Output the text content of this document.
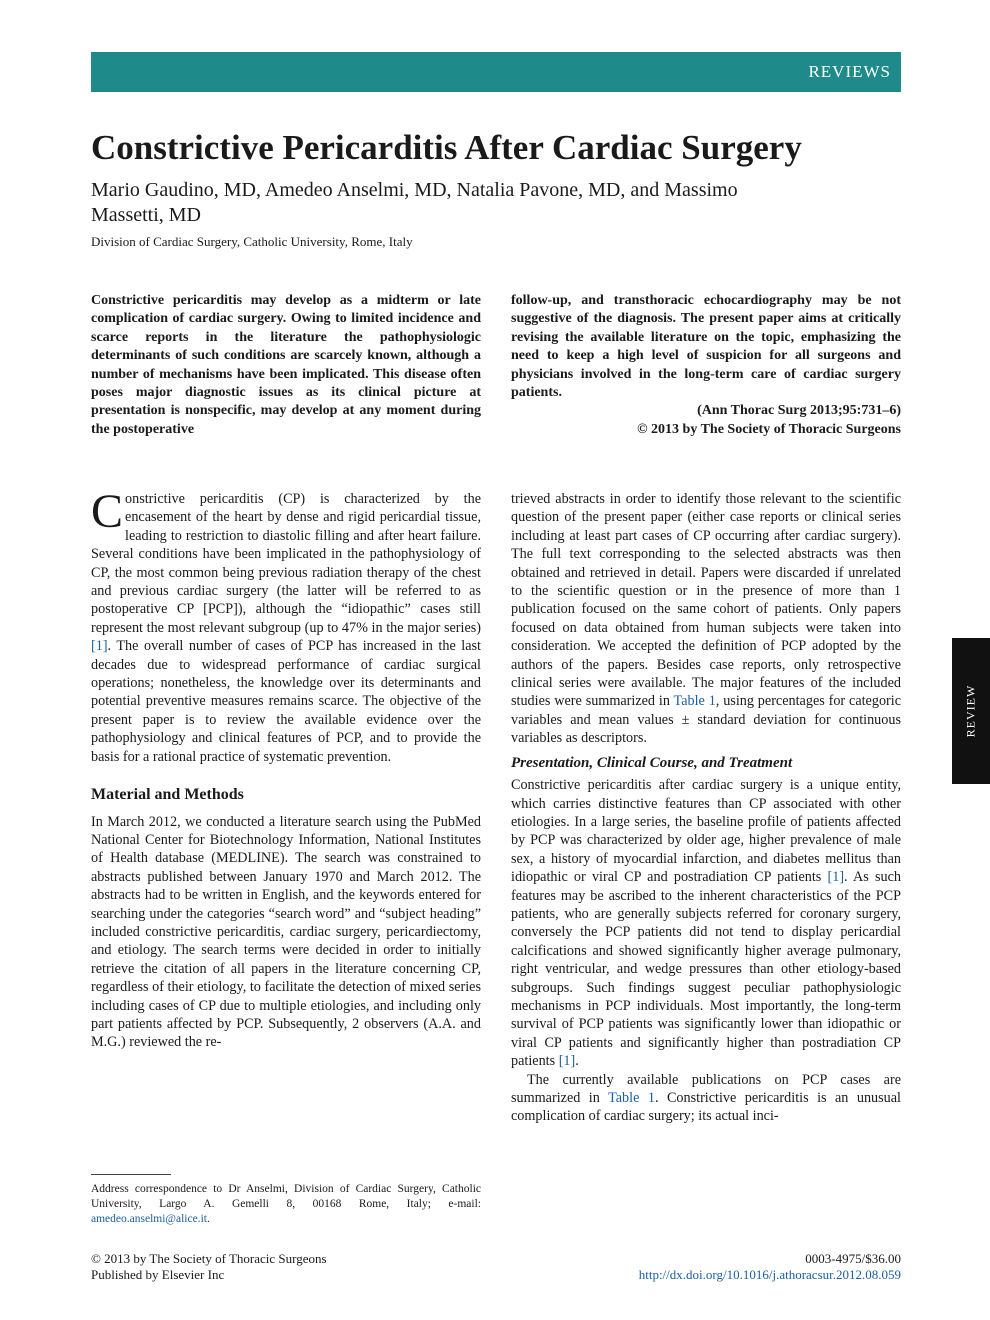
REVIEWS
Constrictive Pericarditis After Cardiac Surgery
Mario Gaudino, MD, Amedeo Anselmi, MD, Natalia Pavone, MD, and Massimo Massetti, MD
Division of Cardiac Surgery, Catholic University, Rome, Italy
Constrictive pericarditis may develop as a midterm or late complication of cardiac surgery. Owing to limited incidence and scarce reports in the literature the pathophysiologic determinants of such conditions are scarcely known, although a number of mechanisms have been implicated. This disease often poses major diagnostic issues as its clinical picture at presentation is nonspecific, may develop at any moment during the postoperative
follow-up, and transthoracic echocardiography may be not suggestive of the diagnosis. The present paper aims at critically revising the available literature on the topic, emphasizing the need to keep a high level of suspicion for all surgeons and physicians involved in the long-term care of cardiac surgery patients.
(Ann Thorac Surg 2013;95:731–6)
© 2013 by The Society of Thoracic Surgeons

Constrictive pericarditis (CP) is characterized by the encasement of the heart by dense and rigid pericardial tissue, leading to restriction to diastolic filling and after heart failure. Several conditions have been implicated in the pathophysiology of CP, the most common being previous radiation therapy of the chest and previous cardiac surgery (the latter will be referred to as postoperative CP [PCP]), although the “idiopathic” cases still represent the most relevant subgroup (up to 47% in the major series) [1]. The overall number of cases of PCP has increased in the last decades due to widespread performance of cardiac surgical operations; nonetheless, the knowledge over its determinants and potential preventive measures remains scarce. The objective of the present paper is to review the available evidence over the pathophysiology and clinical features of PCP, and to provide the basis for a rational practice of systematic prevention.

Material and Methods

In March 2012, we conducted a literature search using the PubMed National Center for Biotechnology Information, National Institutes of Health database (MEDLINE). The search was constrained to abstracts published between January 1970 and March 2012. The abstracts had to be written in English, and the keywords entered for searching under the categories “search word” and “subject heading” included constrictive pericarditis, cardiac surgery, pericardiectomy, and etiology. The search terms were decided in order to initially retrieve the citation of all papers in the literature concerning CP, regardless of their etiology, to facilitate the detection of mixed series including cases of CP due to multiple etiologies, and including only part patients affected by PCP. Subsequently, 2 observers (A.A. and M.G.) reviewed the re-

trieved abstracts in order to identify those relevant to the scientific question of the present paper (either case reports or clinical series including at least part cases of CP occurring after cardiac surgery). The full text corresponding to the selected abstracts was then obtained and retrieved in detail. Papers were discarded if unrelated to the scientific question or in the presence of more than 1 publication focused on the same cohort of patients. Only papers focused on data obtained from human subjects were taken into consideration. We accepted the definition of PCP adopted by the authors of the papers. Besides case reports, only retrospective clinical series were available. The major features of the included studies were summarized in Table 1, using percentages for categoric variables and mean values ± standard deviation for continuous variables as descriptors.

Presentation, Clinical Course, and Treatment

Constrictive pericarditis after cardiac surgery is a unique entity, which carries distinctive features than CP associated with other etiologies. In a large series, the baseline profile of patients affected by PCP was characterized by older age, higher prevalence of male sex, a history of myocardial infarction, and diabetes mellitus than idiopathic or viral CP and postradiation CP patients [1]. As such features may be ascribed to the inherent characteristics of the PCP patients, who are generally subjects referred for coronary surgery, conversely the PCP patients did not tend to display pericardial calcifications and showed significantly higher average pulmonary, right ventricular, and wedge pressures than other etiology-based subgroups. Such findings suggest peculiar pathophysiologic mechanisms in PCP individuals. Most importantly, the long-term survival of PCP patients was significantly lower than idiopathic or viral CP patients and significantly higher than postradiation CP patients [1].

The currently available publications on PCP cases are summarized in Table 1. Constrictive pericarditis is an unusual complication of cardiac surgery; its actual inci-

Address correspondence to Dr Anselmi, Division of Cardiac Surgery, Catholic University, Largo A. Gemelli 8, 00168 Rome, Italy; e-mail: amedeo.anselmi@alice.it.
© 2013 by The Society of Thoracic Surgeons
Published by Elsevier Inc
0003-4975/$36.00
http://dx.doi.org/10.1016/j.athoracsur.2012.08.059
REVIEW
